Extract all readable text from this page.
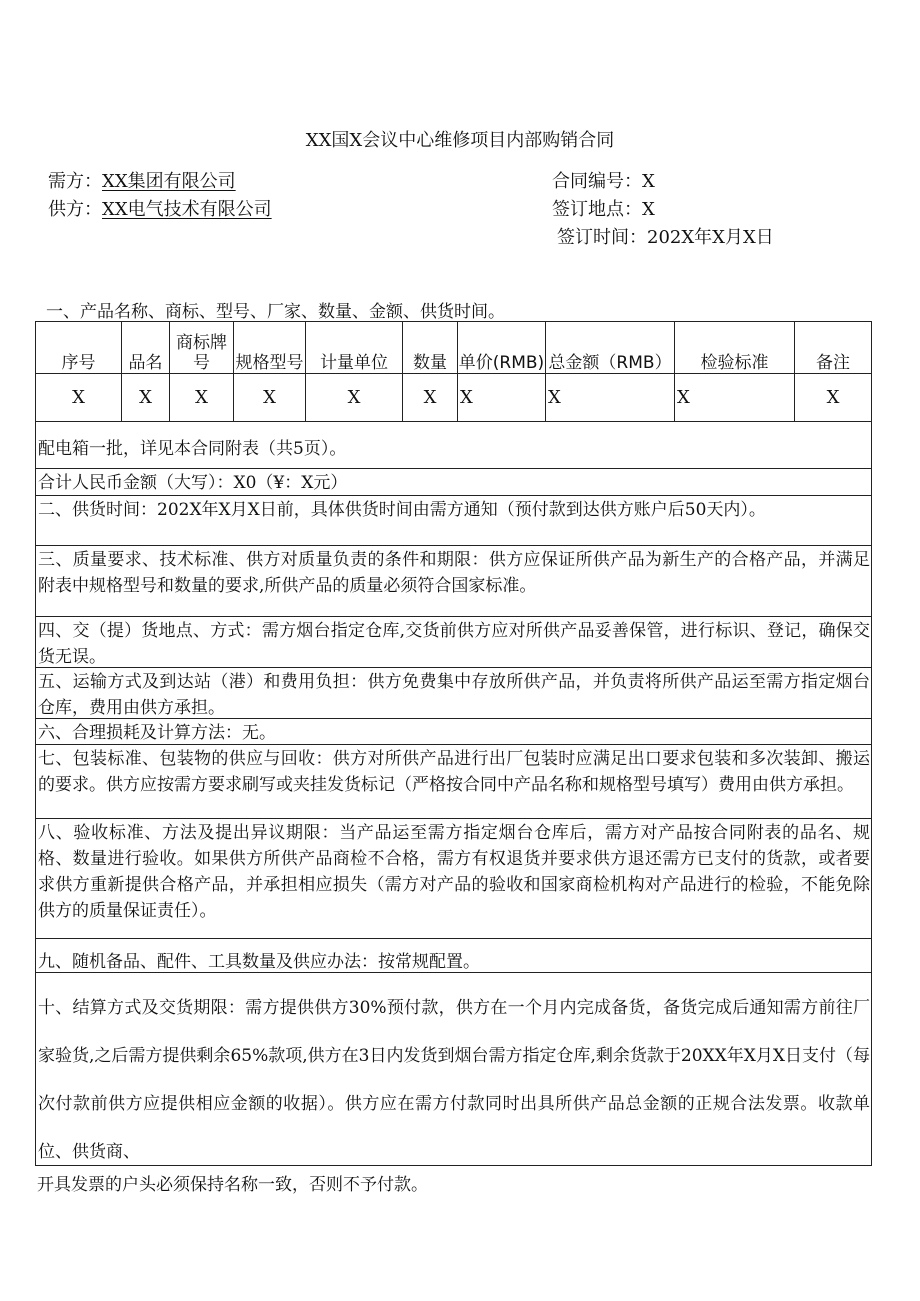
XX国X会议中心维修项目内部购销合同
需方：XX集团有限公司
供方：XX电气技术有限公司
合同编号：X
签订地点：X
签订时间：202X年X月X日
一、产品名称、商标、型号、厂家、数量、金额、供货时间。
序号	品名	商标牌号	规格型号	计量单位	数量	单价(RMB)	总金额（RMB）	检验标准	备注
X	X	X	X	X	X	X	X	X	X
配电箱一批，详见本合同附表（共5页）。
合计人民币金额（大写）：X0（¥：X元）
二、供货时间：202X年X月X日前，具体供货时间由需方通知（预付款到达供方账户后50天内）。
三、质量要求、技术标准、供方对质量负责的条件和期限：供方应保证所供产品为新生产的合格产品，并满足附表中规格型号和数量的要求,所供产品的质量必须符合国家标准。
四、交（提）货地点、方式：需方烟台指定仓库,交货前供方应对所供产品妥善保管，进行标识、登记，确保交货无误。
五、运输方式及到达站（港）和费用负担：供方免费集中存放所供产品，并负责将所供产品运至需方指定烟台仓库，费用由供方承担。
六、合理损耗及计算方法：无。
七、包装标准、包装物的供应与回收：供方对所供产品进行出厂包装时应满足出口要求包装和多次装卸、搬运的要求。供方应按需方要求刷写或夹挂发货标记（严格按合同中产品名称和规格型号填写）费用由供方承担。
八、验收标准、方法及提出异议期限：当产品运至需方指定烟台仓库后，需方对产品按合同附表的品名、规格、数量进行验收。如果供方所供产品商检不合格，需方有权退货并要求供方退还需方已支付的货款，或者要求供方重新提供合格产品，并承担相应损失（需方对产品的验收和国家商检机构对产品进行的检验，不能免除供方的质量保证责任）。
九、随机备品、配件、工具数量及供应办法：按常规配置。
十、结算方式及交货期限：需方提供供方30%预付款，供方在一个月内完成备货，备货完成后通知需方前往厂家验货,之后需方提供剩余65%款项,供方在3日内发货到烟台需方指定仓库,剩余货款于20XX年X月X日支付（每次付款前供方应提供相应金额的收据）。供方应在需方付款同时出具所供产品总金额的正规合法发票。收款单位、供货商、
开具发票的户头必须保持名称一致，否则不予付款。
